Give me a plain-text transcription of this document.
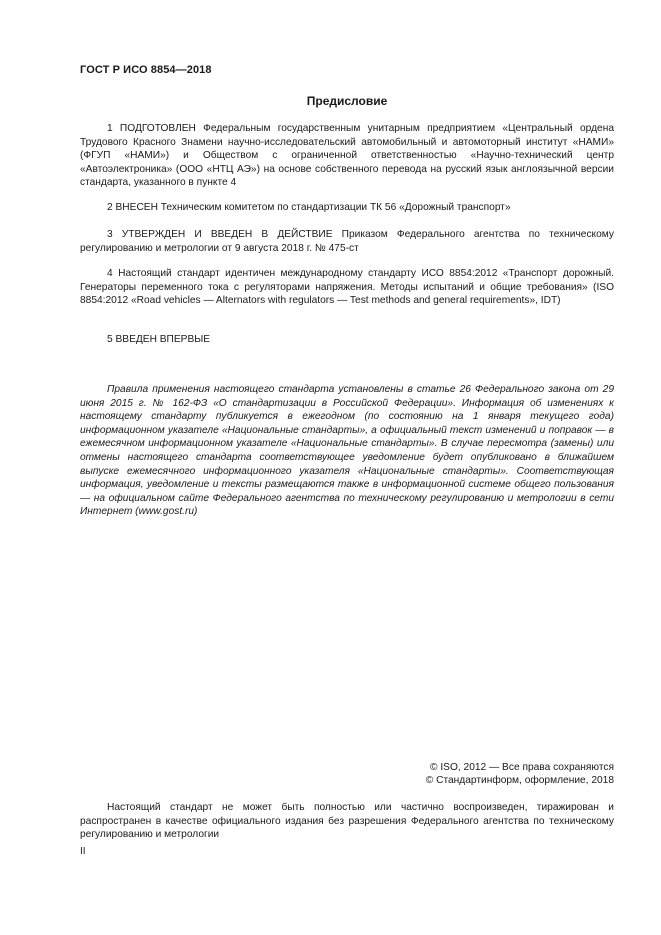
ГОСТ Р ИСО 8854—2018
Предисловие

1 ПОДГОТОВЛЕН Федеральным государственным унитарным предприятием «Центральный ордена Трудового Красного Знамени научно-исследовательский автомобильный и автомоторный институт «НАМИ» (ФГУП «НАМИ») и Обществом с ограниченной ответственностью «Научно-технический центр «Автоэлектроника» (ООО «НТЦ АЭ») на основе собственного перевода на русский язык англоязычной версии стандарта, указанного в пункте 4

2 ВНЕСЕН Техническим комитетом по стандартизации ТК 56 «Дорожный транспорт»

3 УТВЕРЖДЕН И ВВЕДЕН В ДЕЙСТВИЕ Приказом Федерального агентства по техническому регулированию и метрологии от 9 августа 2018 г. № 475-ст

4 Настоящий стандарт идентичен международному стандарту ИСО 8854:2012 «Транспорт дорожный. Генераторы переменного тока с регуляторами напряжения. Методы испытаний и общие требования» (ISO 8854:2012 «Road vehicles — Alternators with regulators — Test methods and general requirements», IDT)

5 ВВЕДЕН ВПЕРВЫЕ

Правила применения настоящего стандарта установлены в статье 26 Федерального закона от 29 июня 2015 г. № 162-ФЗ «О стандартизации в Российской Федерации». Информация об изменениях к настоящему стандарту публикуется в ежегодном (по состоянию на 1 января текущего года) информационном указателе «Национальные стандарты», а официальный текст изменений и поправок — в ежемесячном информационном указателе «Национальные стандарты». В случае пересмотра (замены) или отмены настоящего стандарта соответствующее уведомление будет опубликовано в ближайшем выпуске ежемесячного информационного указателя «Национальные стандарты». Соответствующая информация, уведомление и тексты размещаются также в информационной системе общего пользования — на официальном сайте Федерального агентства по техническому регулированию и метрологии в сети Интернет (www.gost.ru)

© ISO, 2012 — Все права сохраняются
© Стандартинформ, оформление, 2018

Настоящий стандарт не может быть полностью или частично воспроизведен, тиражирован и распространен в качестве официального издания без разрешения Федерального агентства по техническому регулированию и метрологии

II
